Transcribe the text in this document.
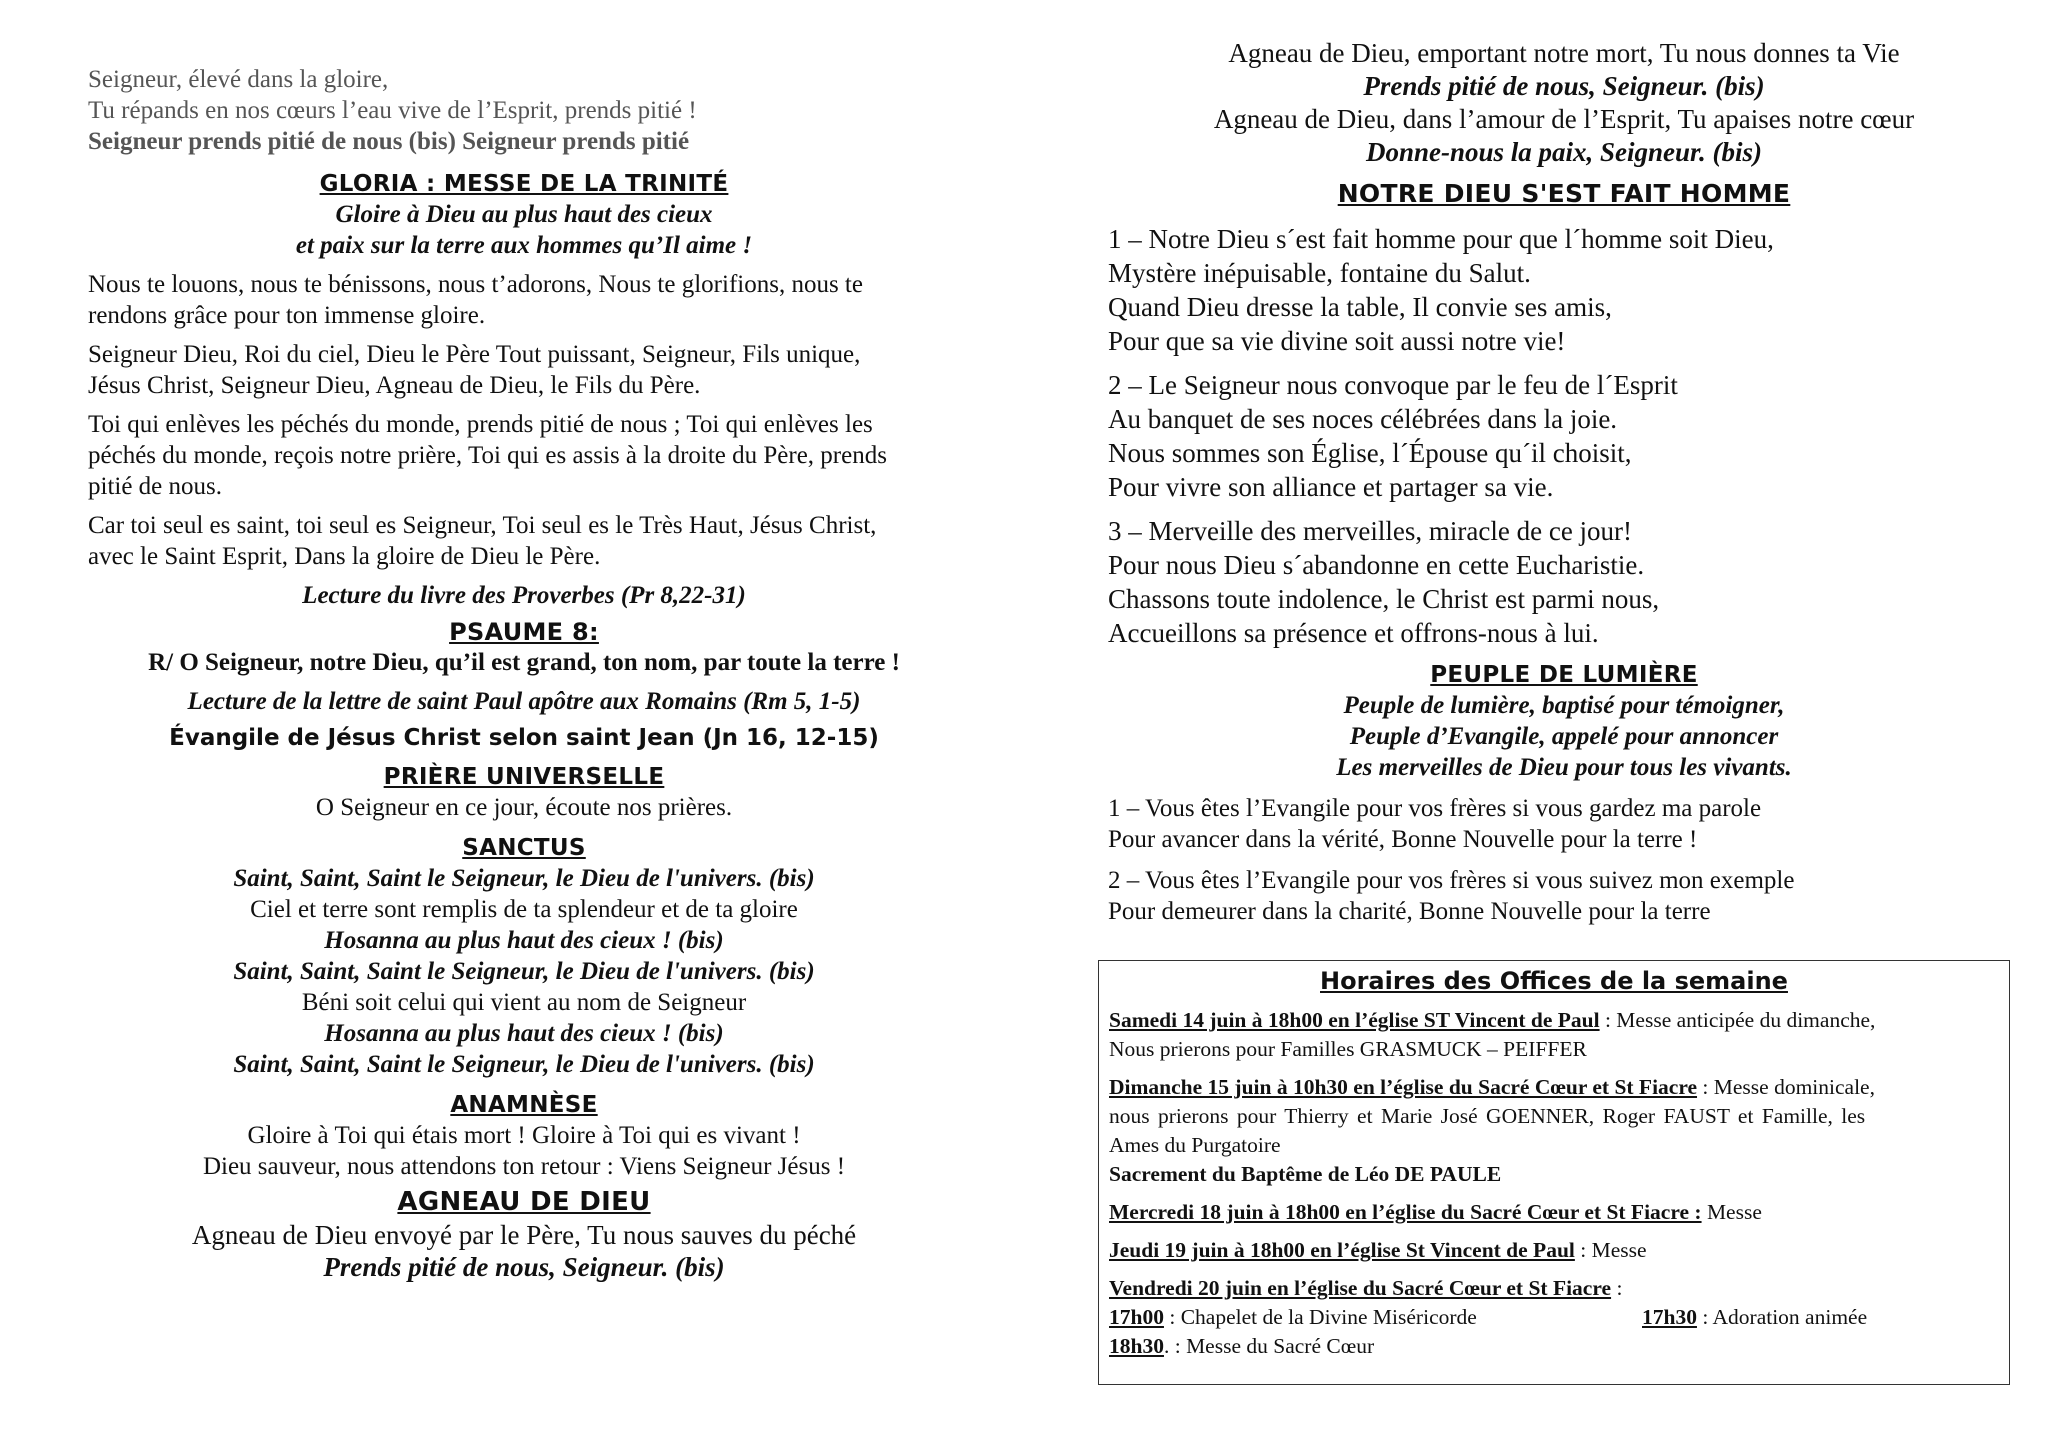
Seigneur, élevé dans la gloire,
Tu répands en nos cœurs l’eau vive de l’Esprit, prends pitié !
Seigneur prends pitié de nous (bis) Seigneur prends pitié
GLORIA : MESSE DE LA TRINITÉ
Gloire à Dieu au plus haut des cieux
et paix sur la terre aux hommes qu’Il aime !
Nous te louons, nous te bénissons, nous t’adorons, Nous te glorifions, nous te
rendons grâce pour ton immense gloire.
Seigneur Dieu, Roi du ciel, Dieu le Père Tout puissant, Seigneur, Fils unique,
Jésus Christ, Seigneur Dieu, Agneau de Dieu, le Fils du Père.
Toi qui enlèves les péchés du monde, prends pitié de nous ; Toi qui enlèves les
péchés du monde, reçois notre prière, Toi qui es assis à la droite du Père, prends
pitié de nous.
Car toi seul es saint, toi seul es Seigneur, Toi seul es le Très Haut, Jésus Christ,
avec le Saint Esprit, Dans la gloire de Dieu le Père.
Lecture du livre des Proverbes (Pr 8,22-31)
PSAUME 8:
R/ O Seigneur, notre Dieu, qu’il est grand, ton nom, par toute la terre !
Lecture de la lettre de saint Paul apôtre aux Romains (Rm 5, 1-5)
Évangile de Jésus Christ selon saint Jean (Jn 16, 12-15)
PRIÈRE UNIVERSELLE
O Seigneur en ce jour, écoute nos prières.
SANCTUS
Saint, Saint, Saint le Seigneur, le Dieu de l'univers. (bis)
Ciel et terre sont remplis de ta splendeur et de ta gloire
Hosanna au plus haut des cieux ! (bis)
Saint, Saint, Saint le Seigneur, le Dieu de l'univers. (bis)
Béni soit celui qui vient au nom de Seigneur
Hosanna au plus haut des cieux ! (bis)
Saint, Saint, Saint le Seigneur, le Dieu de l'univers. (bis)
ANAMNÈSE
Gloire à Toi qui étais mort ! Gloire à Toi qui es vivant !
Dieu sauveur, nous attendons ton retour : Viens Seigneur Jésus !
AGNEAU DE DIEU
Agneau de Dieu envoyé par le Père, Tu nous sauves du péché
Prends pitié de nous, Seigneur. (bis)
Agneau de Dieu, emportant notre mort, Tu nous donnes ta Vie
Prends pitié de nous, Seigneur. (bis)
Agneau de Dieu, dans l’amour de l’Esprit, Tu apaises notre cœur
Donne-nous la paix, Seigneur. (bis)
NOTRE DIEU S'EST FAIT HOMME
1 – Notre Dieu s´est fait homme pour que l´homme soit Dieu,
Mystère inépuisable, fontaine du Salut.
Quand Dieu dresse la table, Il convie ses amis,
Pour que sa vie divine soit aussi notre vie!
2 – Le Seigneur nous convoque par le feu de l´Esprit
Au banquet de ses noces célébrées dans la joie.
Nous sommes son Église, l´Épouse qu´il choisit,
Pour vivre son alliance et partager sa vie.
3 – Merveille des merveilles, miracle de ce jour!
Pour nous Dieu s´abandonne en cette Eucharistie.
Chassons toute indolence, le Christ est parmi nous,
Accueillons sa présence et offrons-nous à lui.
PEUPLE DE LUMIÈRE
Peuple de lumière, baptisé pour témoigner,
Peuple d’Evangile, appelé pour annoncer
Les merveilles de Dieu pour tous les vivants.
1 – Vous êtes l’Evangile pour vos frères si vous gardez ma parole
Pour avancer dans la vérité, Bonne Nouvelle pour la terre !
2 – Vous êtes l’Evangile pour vos frères si vous suivez mon exemple
Pour demeurer dans la charité, Bonne Nouvelle pour la terre
Horaires des Offices de la semaine
Samedi 14 juin à 18h00 en l’église ST Vincent de Paul : Messe anticipée du dimanche,
Nous prierons pour Familles GRASMUCK – PEIFFER
Dimanche 15 juin à 10h30 en l’église du Sacré Cœur et St Fiacre : Messe dominicale,
nous prierons pour Thierry et Marie José GOENNER, Roger FAUST et Famille, les
Ames du Purgatoire
Sacrement du Baptême de Léo DE PAULE
Mercredi 18 juin à 18h00 en l’église du Sacré Cœur et St Fiacre : Messe
Jeudi 19 juin à 18h00 en l’église St Vincent de Paul : Messe
Vendredi 20 juin en l’église du Sacré Cœur et St Fiacre :
17h00 : Chapelet de la Divine Miséricorde	17h30 : Adoration animée
18h30. : Messe du Sacré Cœur
